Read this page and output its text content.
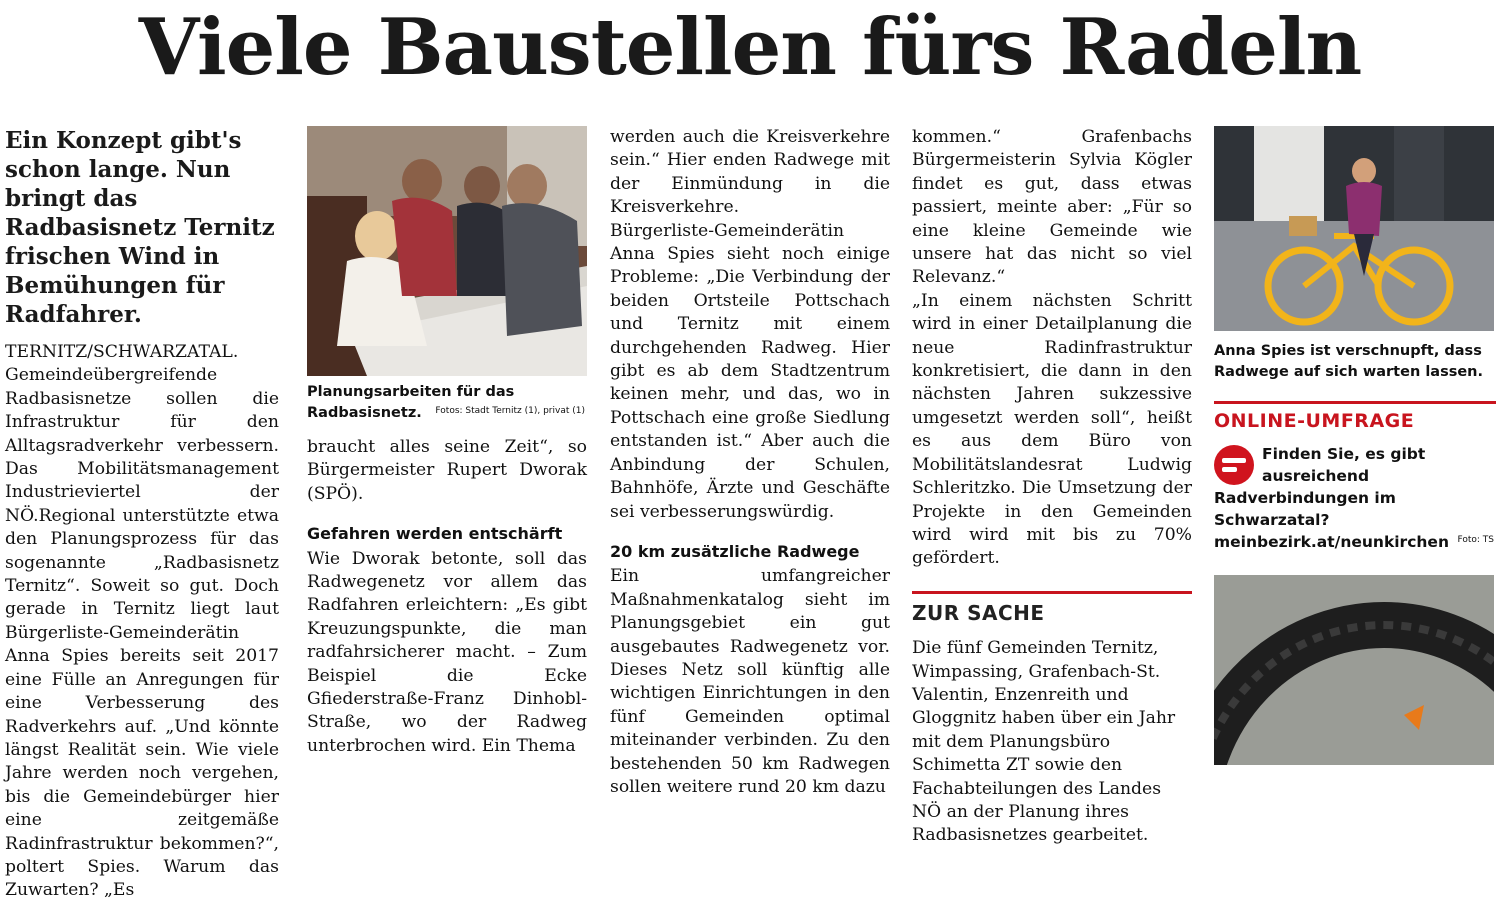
Viele Baustellen fürs Radeln

Ein Konzept gibt's schon lange. Nun bringt das Radbasisnetz Ternitz frischen Wind in Bemühungen für Radfahrer.

TERNITZ/SCHWARZATAL. Gemeindeübergreifende Radbasisnetze sollen die Infrastruktur für den Alltagsradverkehr verbessern. Das Mobilitätsmanagement Industrieviertel der NÖ.Regional unterstützte etwa den Planungsprozess für das sogenannte „Radbasisnetz Ternitz“. Soweit so gut. Doch gerade in Ternitz liegt laut Bürgerliste-Gemeinderätin Anna Spies bereits seit 2017 eine Fülle an Anregungen für eine Verbesserung des Radverkehrs auf. „Und könnte längst Realität sein. Wie viele Jahre werden noch vergehen, bis die Gemeindebürger hier eine zeitgemäße Radinfrastruktur bekommen?“, poltert Spies. Warum das Zuwarten? „Es

Planungsarbeiten für das Radbasisnetz. Fotos: Stadt Ternitz (1), privat (1)

braucht alles seine Zeit“, so Bürgermeister Rupert Dworak (SPÖ).

Gefahren werden entschärft

Wie Dworak betonte, soll das Radwegenetz vor allem das Radfahren erleichtern: „Es gibt Kreuzungspunkte, die man radfahrsicherer macht. – Zum Beispiel die Ecke Gfiederstraße-Franz Dinhobl-Straße, wo der Radweg unterbrochen wird. Ein Thema

werden auch die Kreisverkehre sein.“ Hier enden Radwege mit der Einmündung in die Kreisverkehre.

Bürgerliste-Gemeinderätin Anna Spies sieht noch einige Probleme: „Die Verbindung der beiden Ortsteile Pottschach und Ternitz mit einem durchgehenden Radweg. Hier gibt es ab dem Stadtzentrum keinen mehr, und das, wo in Pottschach eine große Siedlung entstanden ist.“ Aber auch die Anbindung der Schulen, Bahnhöfe, Ärzte und Geschäfte sei verbesserungswürdig.

20 km zusätzliche Radwege

Ein umfangreicher Maßnahmenkatalog sieht im Planungsgebiet ein gut ausgebautes Radwegenetz vor. Dieses Netz soll künftig alle wichtigen Einrichtungen in den fünf Gemeinden optimal miteinander verbinden. Zu den bestehenden 50 km Radwegen sollen weitere rund 20 km dazu

kommen.“ Grafenbachs Bürgermeisterin Sylvia Kögler findet es gut, dass etwas passiert, meinte aber: „Für so eine kleine Gemeinde wie unsere hat das nicht so viel Relevanz.“

„In einem nächsten Schritt wird in einer Detailplanung die neue Radinfrastruktur konkretisiert, die dann in den nächsten Jahren sukzessive umgesetzt werden soll“, heißt es aus dem Büro von Mobilitätslandesrat Ludwig Schleritzko. Die Umsetzung der Projekte in den Gemeinden wird wird mit bis zu 70% gefördert.

ZUR SACHE

Die fünf Gemeinden Ternitz, Wimpassing, Grafenbach-St. Valentin, Enzenreith und Gloggnitz haben über ein Jahr mit dem Planungsbüro Schimetta ZT sowie den Fachabteilungen des Landes NÖ an der Planung ihres Radbasisnetzes gearbeitet.

Anna Spies ist verschnupft, dass Radwege auf sich warten lassen.

ONLINE-UMFRAGE

Finden Sie, es gibt ausreichend Radverbindungen im Schwarzatal? meinbezirk.at/neunkirchen Foto: TS
